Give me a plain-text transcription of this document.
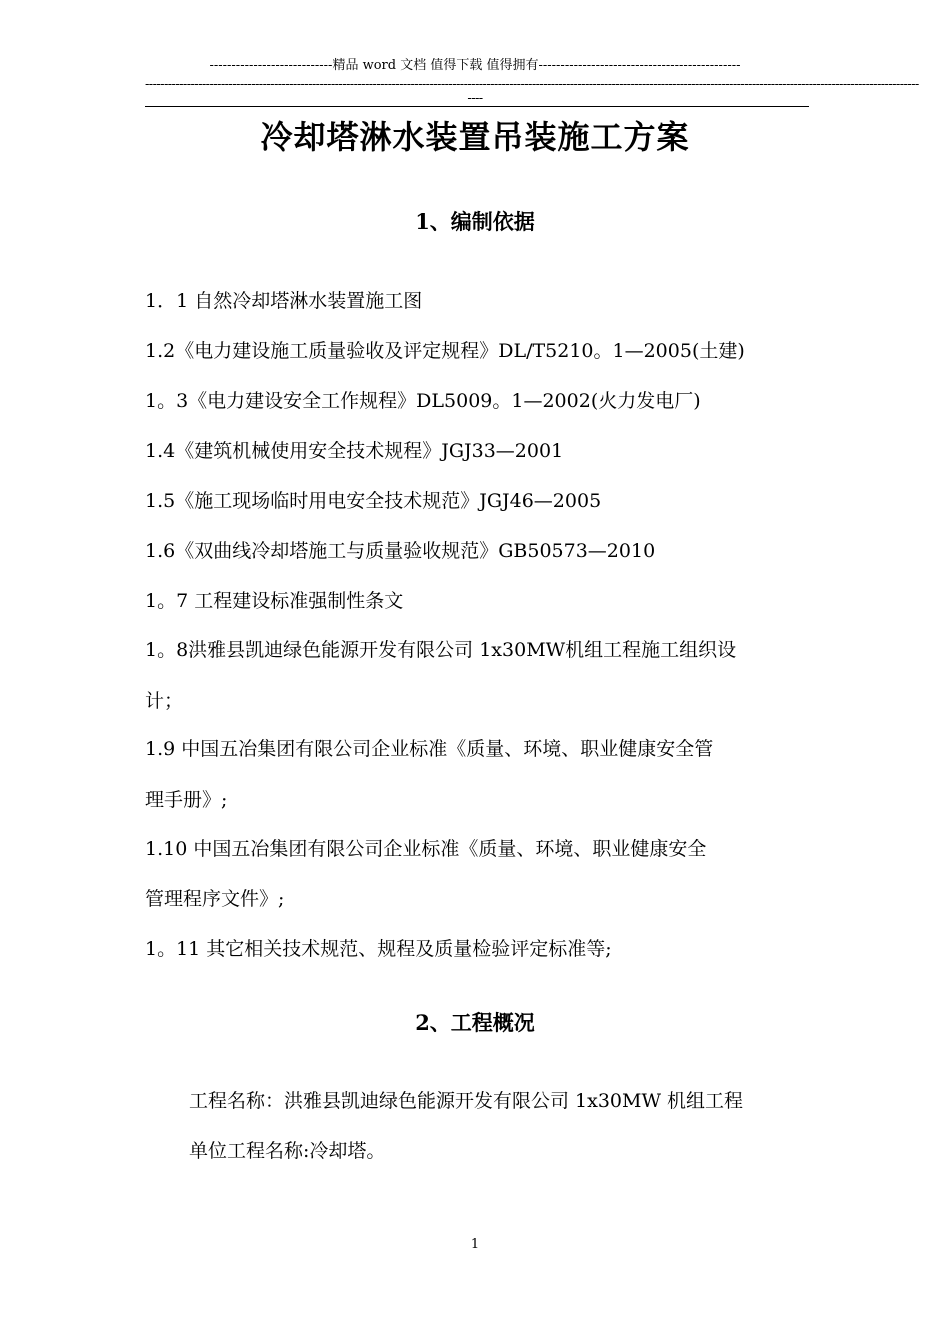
----------------------------精品 word 文档 值得下载 值得拥有----------------------------------------------
------------------------------------------------------------------------------------------------------------------------------------------------------------------------------------------------------------
----
冷却塔淋水装置吊装施工方案
1、编制依据
1．1 自然冷却塔淋水装置施工图
1.2《电力建设施工质量验收及评定规程》DL/T5210。1—2005(土建)
1。3《电力建设安全工作规程》DL5009。1—2002(火力发电厂)
1.4《建筑机械使用安全技术规程》JGJ33—2001
1.5《施工现场临时用电安全技术规范》JGJ46—2005
1.6《双曲线冷却塔施工与质量验收规范》GB50573—2010
1。7 工程建设标准强制性条文
1。8洪雅县凯迪绿色能源开发有限公司 1x30MW机组工程施工组织设
计；
1.9 中国五冶集团有限公司企业标准《质量、环境、职业健康安全管
理手册》;
1.10 中国五冶集团有限公司企业标准《质量、环境、职业健康安全
管理程序文件》;
1。11 其它相关技术规范、规程及质量检验评定标准等;
2、工程概况
工程名称：洪雅县凯迪绿色能源开发有限公司 1x30MW 机组工程
单位工程名称:冷却塔。
1
